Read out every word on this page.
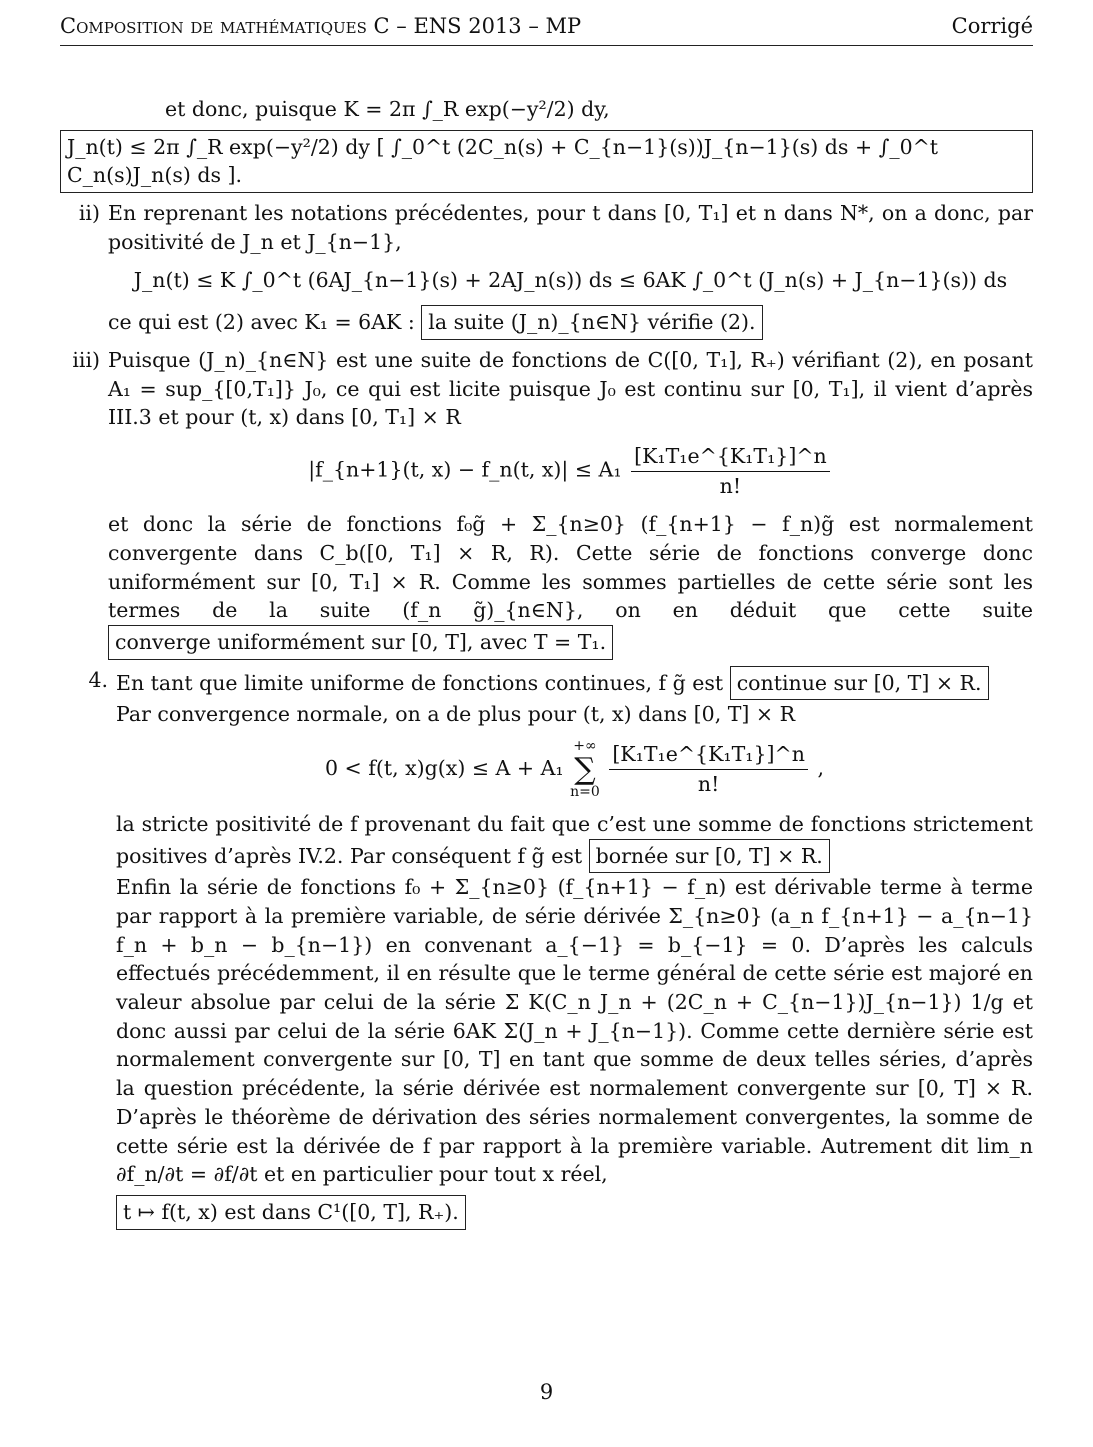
Composition de mathématiques C – ENS 2013 – MP	Corrigé

et donc, puisque K = 2π ∫_R exp(−y²/2) dy,

J_n(t) ≤ 2π ∫_R exp(−y²/2) dy [ ∫_0^t (2C_n(s) + C_{n−1}(s))J_{n−1}(s) ds + ∫_0^t C_n(s)J_n(s) ds ].
ii) En reprenant les notations précédentes, pour t dans [0, T₁] et n dans N*, on a donc, par positivité de J_n et J_{n−1},

J_n(t) ≤ K ∫_0^t (6AJ_{n−1}(s) + 2AJ_n(s)) ds ≤ 6AK ∫_0^t (J_n(s) + J_{n−1}(s)) ds

ce qui est (2) avec K₁ = 6AK : la suite (J_n)_{n∈N} vérifie (2).

iii) Puisque (J_n)_{n∈N} est une suite de fonctions de C([0, T₁], R₊) vérifiant (2), en posant A₁ = sup_{[0,T₁]} J₀, ce qui est licite puisque J₀ est continu sur [0, T₁], il vient d’après III.3 et pour (t, x) dans [0, T₁] × R

|f_{n+1}(t, x) − f_n(t, $x)| \le A_1 \frac{\text{[K₁T₁e\textasciicircum{}\{K₁T₁\}]\textasciicircum{}n}}{n!}$

et donc la série de fonctions f₀g̃ + Σ_{n≥0} (f_{n+1} − f_n)g̃ est normalement convergente dans C_b([0, T₁] × R, R). Cette série de fonctions converge donc uniformément sur [0, T₁] × R. Comme les sommes partielles de cette série sont les termes de la suite (f_n g̃)_{n∈N}, on en déduit que cette suite converge uniformément sur [0, T], avec T = T₁.

4. En tant que limite uniforme de fonctions continues, f g̃ est continue sur [0, T] × R.

Par convergence normale, on a de plus pour (t, x) dans [0, T] × R

0 < f(t, x)g(x) ≤ A + A₁
+∞
∑
n=0
$\frac{\text{[K₁T₁e\textasciicircum{}\{K₁T₁\}]\textasciicircum{}n}}{n!}$ ,

la stricte positivité de f provenant du fait que c’est une somme de fonctions strictement positives d’après IV.2. Par conséquent f g̃ est bornée sur [0, T] × R.

Enfin la série de fonctions f₀ + Σ_{n≥0} (f_{n+1} − f_n) est dérivable terme à terme par rapport à la première variable, de série dérivée Σ_{n≥0} (a_n f_{n+1} − a_{n−1} f_n + b_n − b_{n−1}) en convenant a_{−1} = b_{−1} = 0. D’après les calculs effectués précédemment, il en résulte que le terme général de cette série est majoré en valeur absolue par celui de la série Σ K(C_n J_n + (2C_n + C_{n−1})J_{n−1}) 1/g et donc aussi par celui de la série 6AK Σ(J_n + J_{n−1}). Comme cette dernière série est normalement convergente sur [0, T] en tant que somme de deux telles séries, d’après la question précédente, la série dérivée est normalement convergente sur [0, T] × R. D’après le théorème de dérivation des séries normalement convergentes, la somme de cette série est la dérivée de f par rapport à la première variable. Autrement dit lim_n ∂f_n/∂t = ∂f/∂t et en particulier pour tout x réel,

t ↦ f(t, x) est dans C¹([0, T], R₊).

9
